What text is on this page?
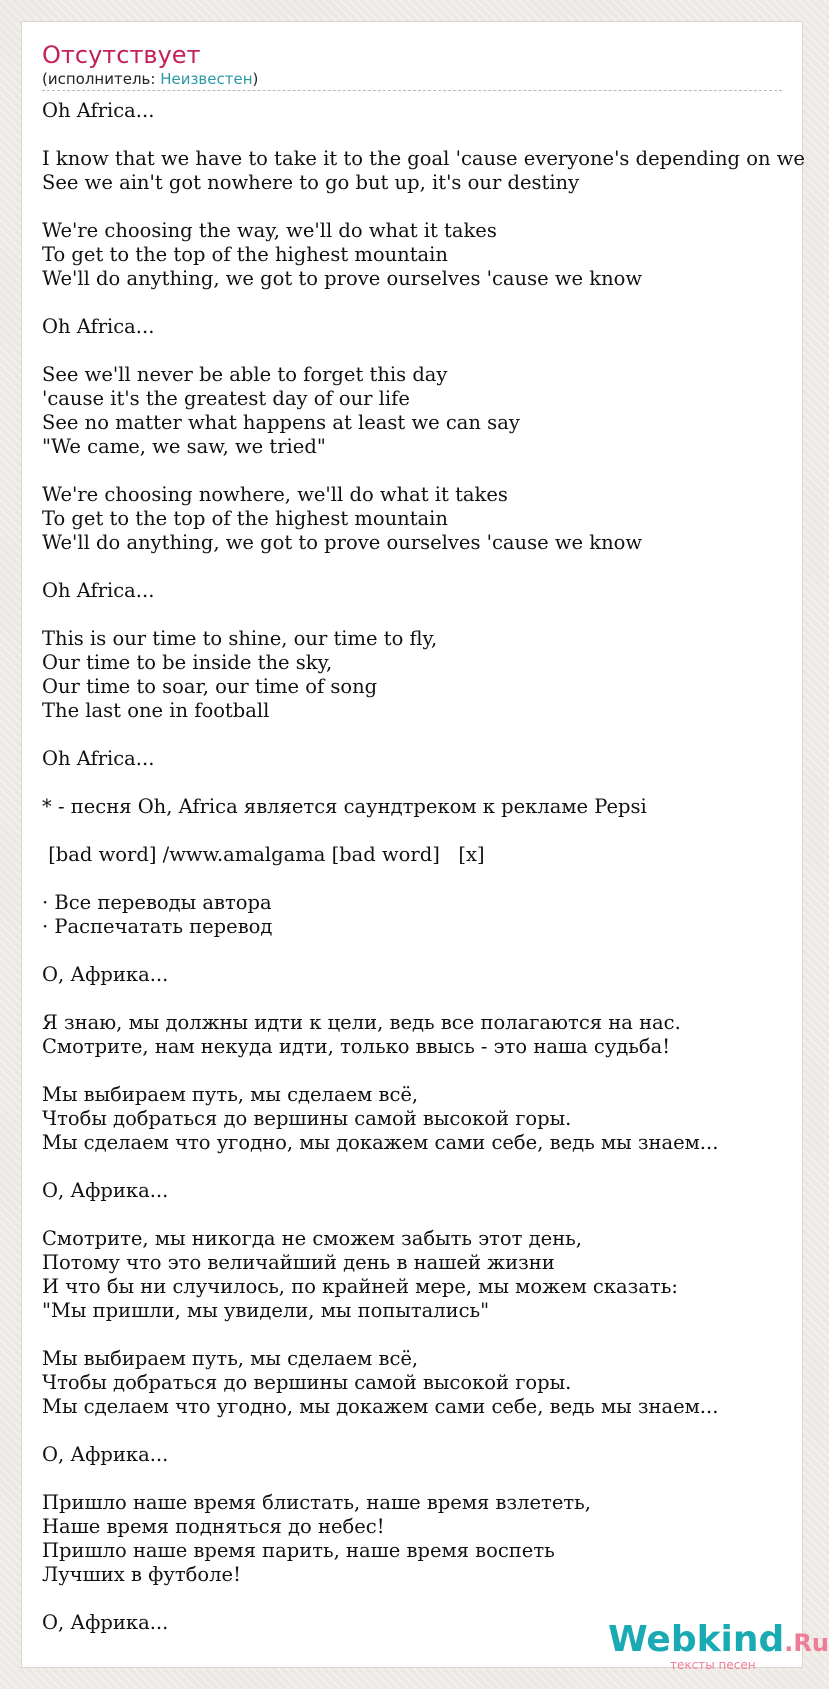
Отсутствует
(исполнитель: Неизвестен)
Oh Africa...
I know that we have to take it to the goal 'cause everyone's depending on we
See we ain't got nowhere to go but up, it's our destiny
We're choosing the way, we'll do what it takes
To get to the top of the highest mountain
We'll do anything, we got to prove ourselves 'cause we know
Oh Africa...
See we'll never be able to forget this day
'cause it's the greatest day of our life
See no matter what happens at least we can say
"We came, we saw, we tried"
We're choosing nowhere, we'll do what it takes
To get to the top of the highest mountain
We'll do anything, we got to prove ourselves 'cause we know
Oh Africa...
This is our time to shine, our time to fly,
Our time to be inside the sky,
Our time to soar, our time of song
The last one in football
Oh Africa...
* - песня Oh, Africa является саундтреком к рекламе Pepsi
[bad word] /www.amalgama [bad word]   [x]
· Все переводы автора
· Распечатать перевод
О, Африка...
Я знаю, мы должны идти к цели, ведь все полагаются на нас.
Смотрите, нам некуда идти, только ввысь - это наша судьба!
Мы выбираем путь, мы сделаем всё,
Чтобы добраться до вершины самой высокой горы.
Мы сделаем что угодно, мы докажем сами себе, ведь мы знаем...
О, Африка...
Смотрите, мы никогда не сможем забыть этот день,
Потому что это величайший день в нашей жизни
И что бы ни случилось, по крайней мере, мы можем сказать:
"Мы пришли, мы увидели, мы попытались"
Мы выбираем путь, мы сделаем всё,
Чтобы добраться до вершины самой высокой горы.
Мы сделаем что угодно, мы докажем сами себе, ведь мы знаем...
О, Африка...
Пришло наше время блистать, наше время взлететь,
Наше время подняться до небес!
Пришло наше время парить, наше время воспеть
Лучших в футболе!
О, Африка...	Webkind.Ru
тексты песен
